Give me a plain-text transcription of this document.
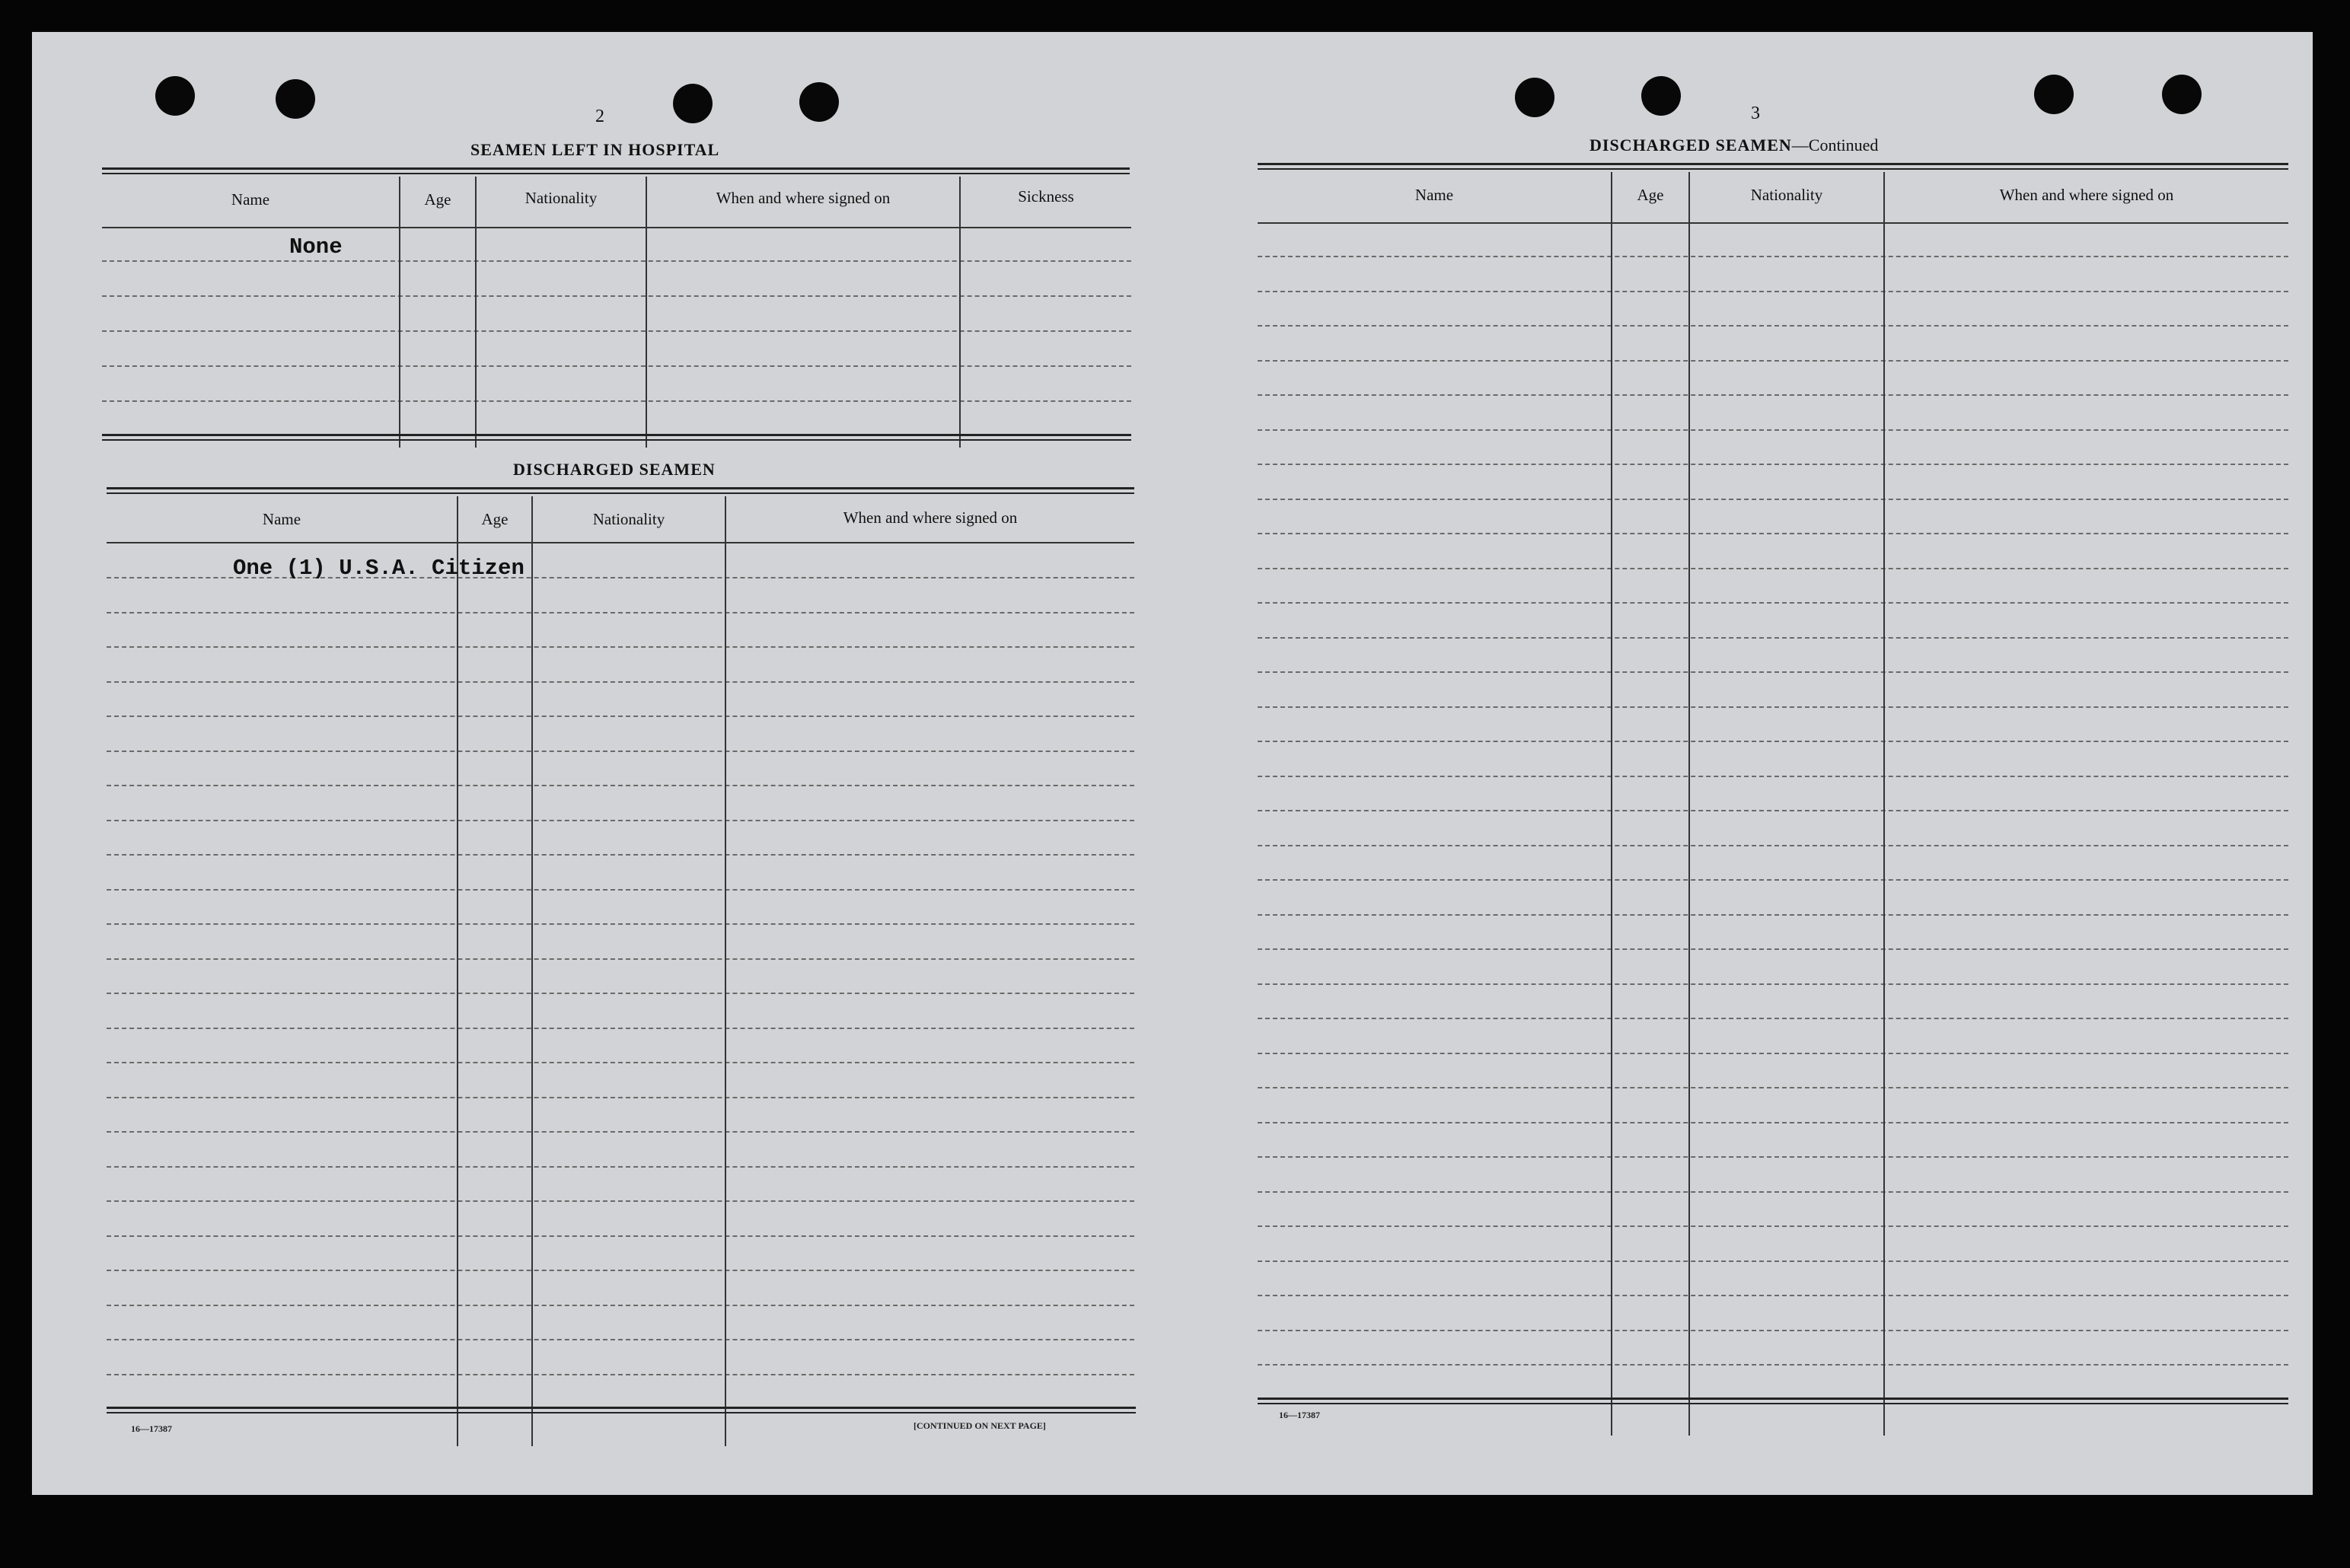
2
SEAMEN LEFT IN HOSPITAL
Name	Age	Nationality	When and where signed on	Sickness
None
DISCHARGED SEAMEN
Name	Age	Nationality	When and where signed on
One (1) U.S.A. Citizen
16—17387	[CONTINUED ON NEXT PAGE]
3
DISCHARGED SEAMEN—Continued
Name	Age	Nationality	When and where signed on
16—17387
